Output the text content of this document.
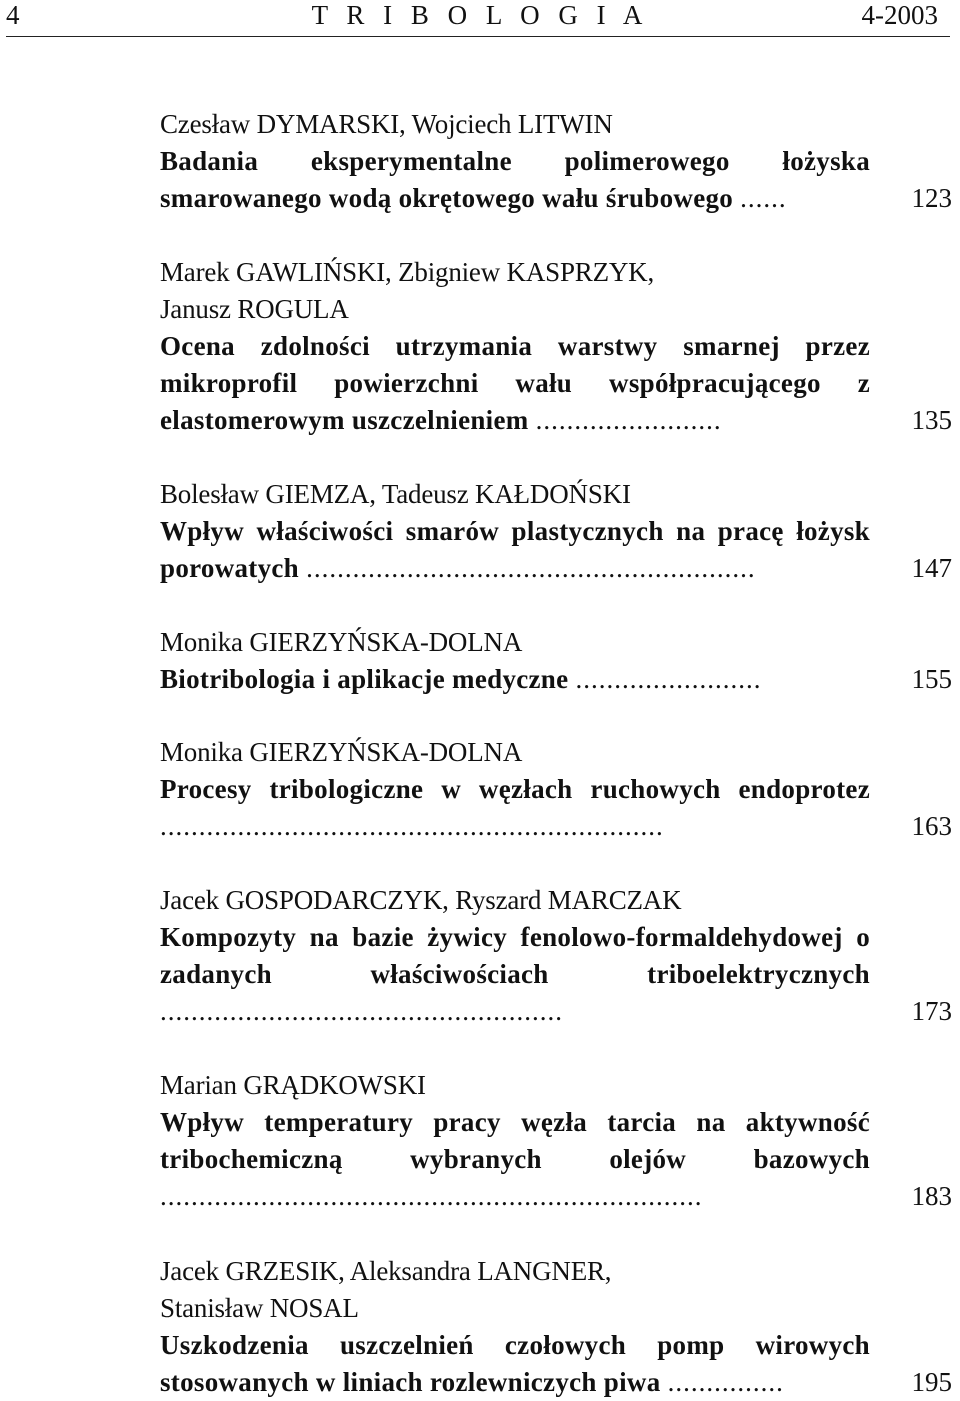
4	T R I B O L O G I A	4-2003
Czesław DYMARSKI, Wojciech LITWIN
Badania eksperymentalne polimerowego łożyska smarowanego wodą okrętowego wału śrubowego ......	123
Marek GAWLIŃSKI, Zbigniew KASPRZYK,
Janusz ROGULA
Ocena zdolności utrzymania warstwy smarnej przez mikroprofil powierzchni wału współpracującego z elastomerowym uszczelnieniem ........................	135
Bolesław GIEMZA, Tadeusz KAŁDOŃSKI
Wpływ właściwości smarów plastycznych na pracę łożysk porowatych ..........................................................	147
Monika GIERZYŃSKA-DOLNA
Biotribologia i aplikacje medyczne ........................	155
Monika GIERZYŃSKA-DOLNA
Procesy tribologiczne w węzłach ruchowych endoprotez .................................................................	163
Jacek GOSPODARCZYK, Ryszard MARCZAK
Kompozyty na bazie żywicy fenolowo-formaldehydowej o zadanych właściwościach triboelektrycznych ....................................................	173
Marian GRĄDKOWSKI
Wpływ temperatury pracy węzła tarcia na aktywność tribochemiczną wybranych olejów bazowych ......................................................................	183
Jacek GRZESIK, Aleksandra LANGNER,
Stanisław NOSAL
Uszkodzenia uszczelnień czołowych pomp wirowych stosowanych w liniach rozlewniczych piwa ...............	195
